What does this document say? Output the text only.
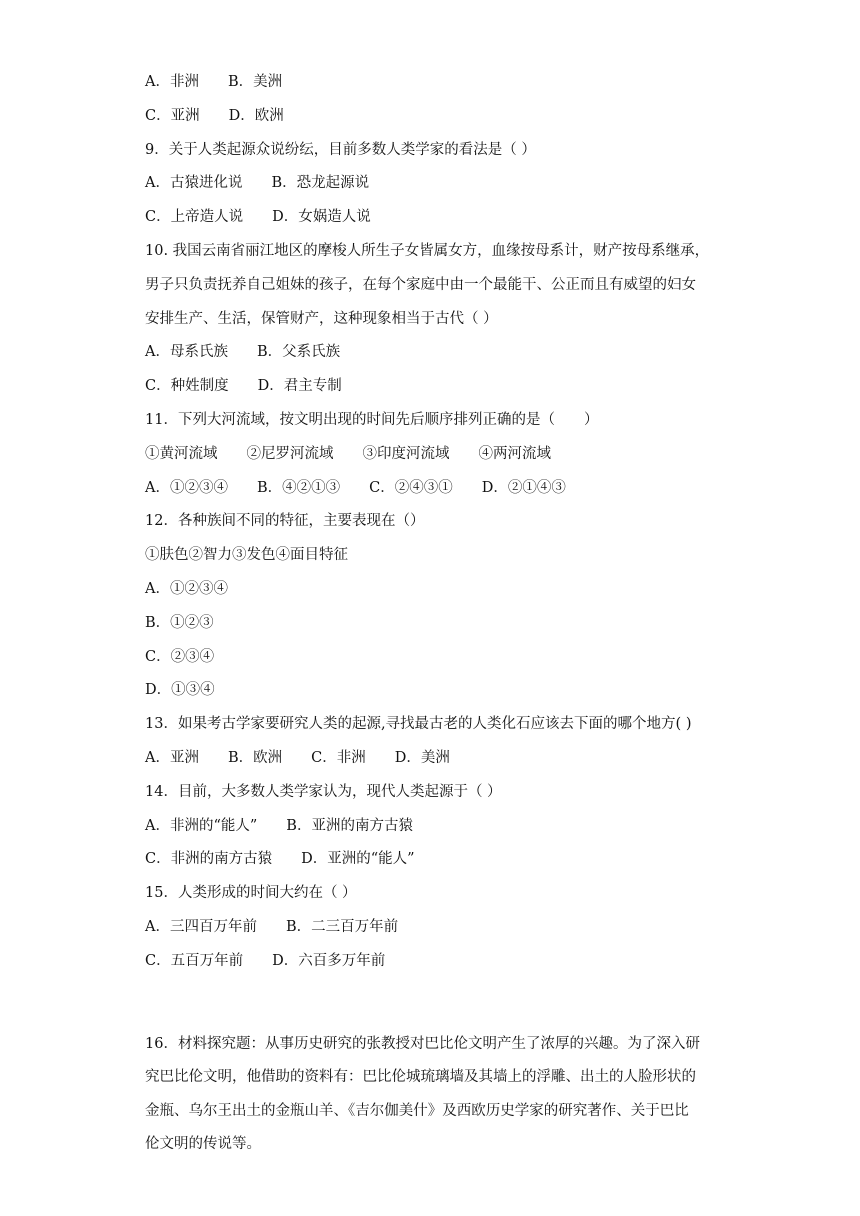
A．非洲　　B．美洲
C．亚洲　　D．欧洲
9．关于人类起源众说纷纭，目前多数人类学家的看法是（ ）
A．古猿进化说　　B．恐龙起源说
C．上帝造人说　　D．女娲造人说
10. 我国云南省丽江地区的摩梭人所生子女皆属女方，血缘按母系计，财产按母系继承，
男子只负责抚养自己姐妹的孩子，在每个家庭中由一个最能干、公正而且有威望的妇女
安排生产、生活，保管财产，这种现象相当于古代（ ）
A．母系氏族　　B．父系氏族
C．种姓制度　　D．君主专制
11．下列大河流域，按文明出现的时间先后顺序排列正确的是（　　）
①黄河流域　　②尼罗河流域　　③印度河流域　　④两河流域
A．①②③④　　B．④②①③　　C．②④③①　　D．②①④③
12．各种族间不同的特征，主要表现在（）
①肤色②智力③发色④面目特征
A．①②③④
B．①②③
C．②③④
D．①③④
13．如果考古学家要研究人类的起源,寻找最古老的人类化石应该去下面的哪个地方( )
A．亚洲　　B．欧洲　　C．非洲　　D．美洲
14．目前，大多数人类学家认为，现代人类起源于（ ）
A．非洲的“能人”　　B．亚洲的南方古猿
C．非洲的南方古猿　　D．亚洲的“能人”
15．人类形成的时间大约在（ ）
A．三四百万年前　　B．二三百万年前
C．五百万年前　　D．六百多万年前
16．材料探究题：从事历史研究的张教授对巴比伦文明产生了浓厚的兴趣。为了深入研
究巴比伦文明，他借助的资料有：巴比伦城琉璃墙及其墙上的浮雕、出土的人脸形状的
金瓶、乌尔王出土的金瓶山羊、《吉尔伽美什》及西欧历史学家的研究著作、关于巴比
伦文明的传说等。
